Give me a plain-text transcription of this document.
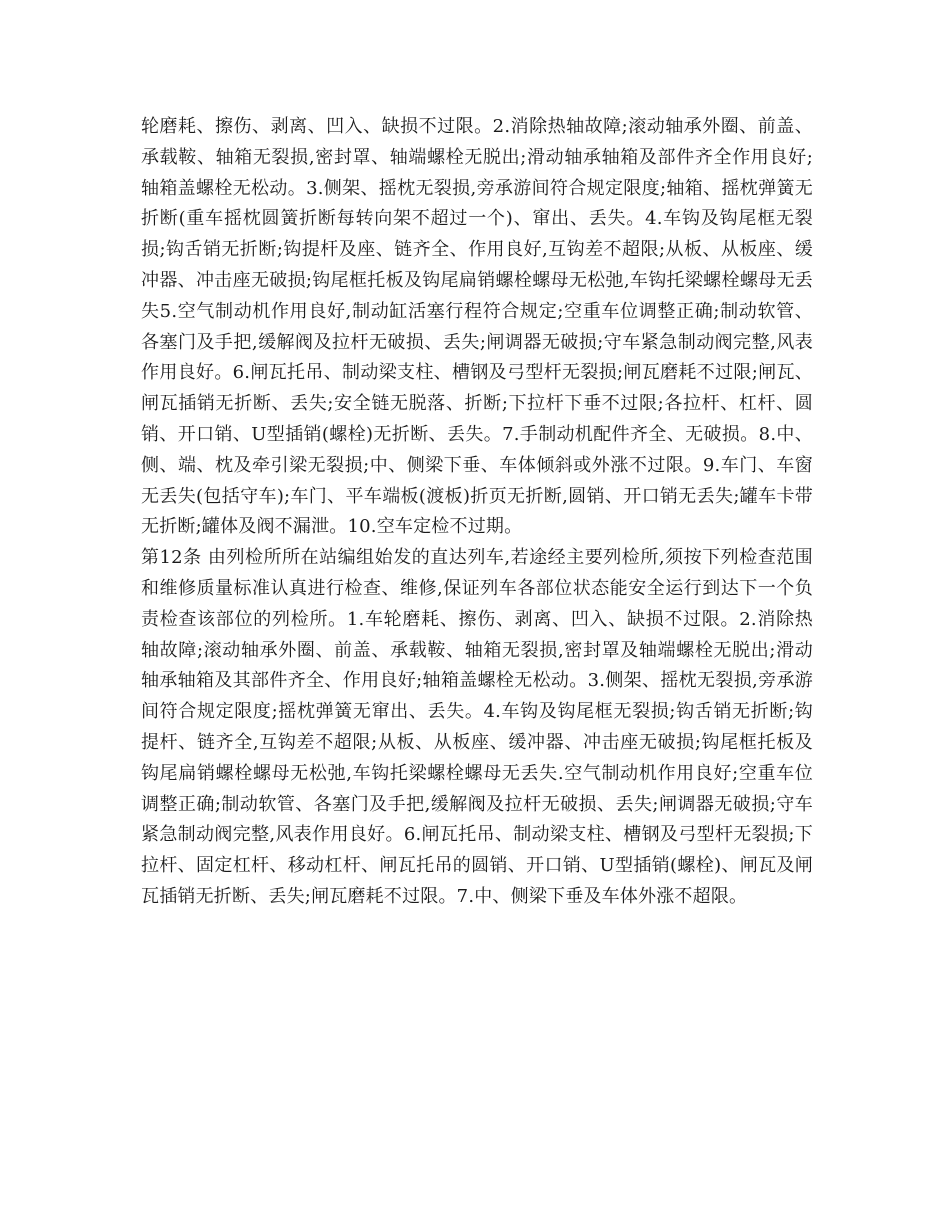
轮磨耗、擦伤、剥离、凹入、缺损不过限。2.消除热轴故障;滚动轴承外圈、前盖、承载鞍、轴箱无裂损,密封罩、轴端螺栓无脱出;滑动轴承轴箱及部件齐全作用良好;轴箱盖螺栓无松动。3.侧架、摇枕无裂损,旁承游间符合规定限度;轴箱、摇枕弹簧无折断(重车摇枕圆簧折断每转向架不超过一个)、窜出、丢失。4.车钩及钩尾框无裂损;钩舌销无折断;钩提杆及座、链齐全、作用良好,互钩差不超限;从板、从板座、缓冲器、冲击座无破损;钩尾框托板及钩尾扁销螺栓螺母无松弛,车钩托梁螺栓螺母无丢失5.空气制动机作用良好,制动缸活塞行程符合规定;空重车位调整正确;制动软管、各塞门及手把,缓解阀及拉杆无破损、丢失;闸调器无破损;守车紧急制动阀完整,风表作用良好。6.闸瓦托吊、制动梁支柱、槽钢及弓型杆无裂损;闸瓦磨耗不过限;闸瓦、闸瓦插销无折断、丢失;安全链无脱落、折断;下拉杆下垂不过限;各拉杆、杠杆、圆销、开口销、U型插销(螺栓)无折断、丢失。7.手制动机配件齐全、无破损。8.中、侧、端、枕及牵引梁无裂损;中、侧梁下垂、车体倾斜或外涨不过限。9.车门、车窗无丢失(包括守车);车门、平车端板(渡板)折页无折断,圆销、开口销无丢失;罐车卡带无折断;罐体及阀不漏泄。10.空车定检不过期。

第12条 由列检所所在站编组始发的直达列车,若途经主要列检所,须按下列检查范围和维修质量标准认真进行检查、维修,保证列车各部位状态能安全运行到达下一个负责检查该部位的列检所。1.车轮磨耗、擦伤、剥离、凹入、缺损不过限。2.消除热轴故障;滚动轴承外圈、前盖、承载鞍、轴箱无裂损,密封罩及轴端螺栓无脱出;滑动轴承轴箱及其部件齐全、作用良好;轴箱盖螺栓无松动。3.侧架、摇枕无裂损,旁承游间符合规定限度;摇枕弹簧无窜出、丢失。4.车钩及钩尾框无裂损;钩舌销无折断;钩提杆、链齐全,互钩差不超限;从板、从板座、缓冲器、冲击座无破损;钩尾框托板及钩尾扁销螺栓螺母无松弛,车钩托梁螺栓螺母无丢失.空气制动机作用良好;空重车位调整正确;制动软管、各塞门及手把,缓解阀及拉杆无破损、丢失;闸调器无破损;守车紧急制动阀完整,风表作用良好。6.闸瓦托吊、制动梁支柱、槽钢及弓型杆无裂损;下拉杆、固定杠杆、移动杠杆、闸瓦托吊的圆销、开口销、U型插销(螺栓)、闸瓦及闸瓦插销无折断、丢失;闸瓦磨耗不过限。7.中、侧梁下垂及车体外涨不超限。
